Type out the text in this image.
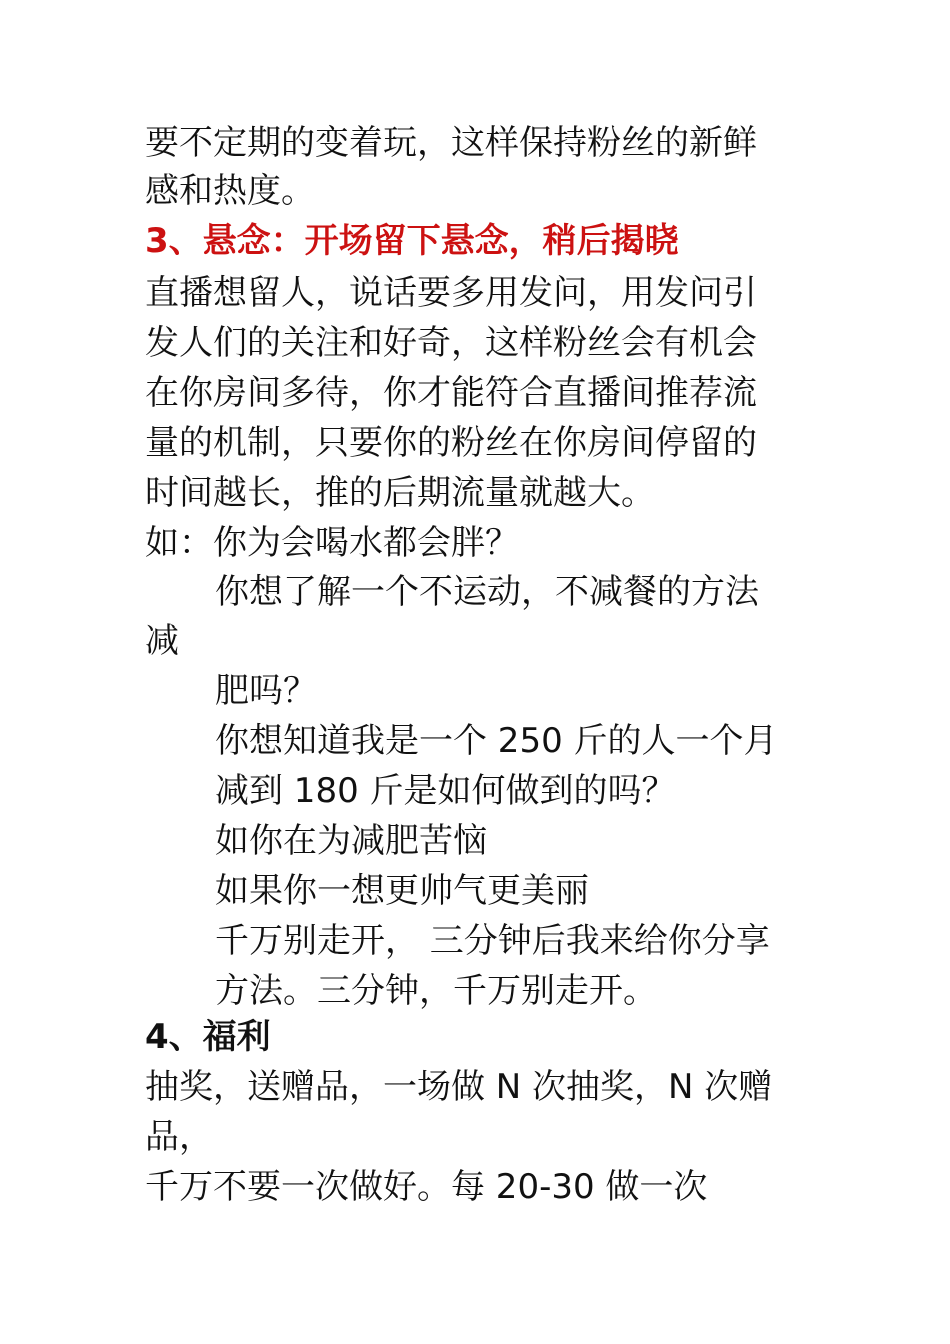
要不定期的变着玩，这样保持粉丝的新鲜
感和热度。
3、悬念：开场留下悬念，稍后揭晓
直播想留人，说话要多用发问，用发问引
发人们的关注和好奇，这样粉丝会有机会
在你房间多待，你才能符合直播间推荐流
量的机制，只要你的粉丝在你房间停留的
时间越长，推的后期流量就越大。
如：你为会喝水都会胖？
你想了解一个不运动，不减餐的方法
减
肥吗？
你想知道我是一个 250 斤的人一个月
减到 180 斤是如何做到的吗？
如你在为减肥苦恼
如果你一想更帅气更美丽
千万别走开， 三分钟后我来给你分享
方法。三分钟，千万别走开。
4、福利
抽奖，送赠品，一场做 N 次抽奖，N 次赠
品，
千万不要一次做好。每 20-30 做一次
